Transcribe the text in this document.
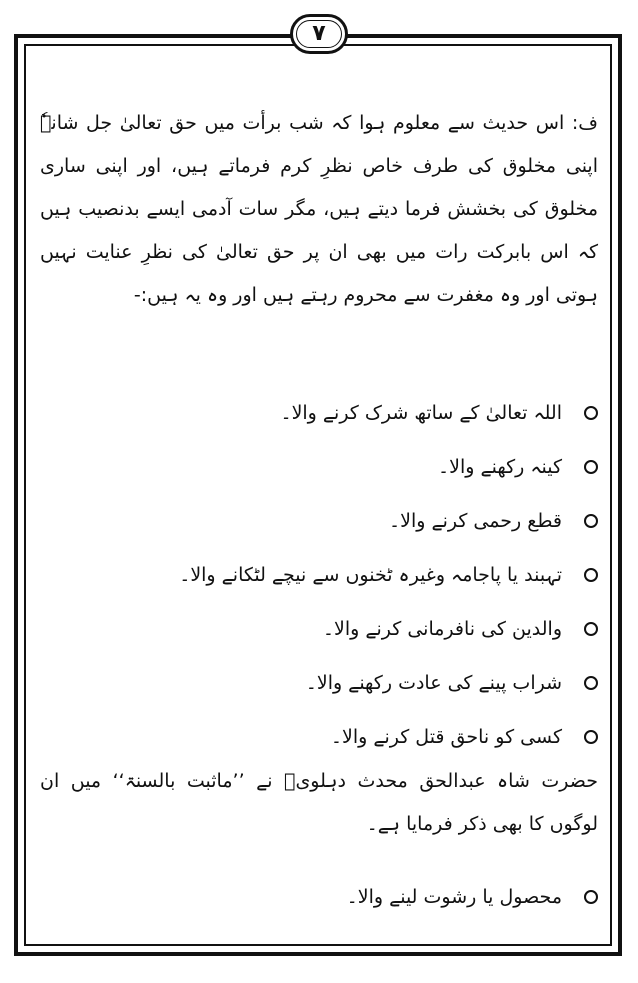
۷
ف: اس حدیث سے معلوم ہوا کہ شب برأت میں حق تعالیٰ جل شانہٗ اپنی مخلوق کی طرف خاص نظرِ کرم فرماتے ہیں، اور اپنی ساری مخلوق کی بخشش فرما دیتے ہیں، مگر سات آدمی ایسے بدنصیب ہیں کہ اس بابرکت رات میں بھی ان پر حق تعالیٰ کی نظرِ عنایت نہیں ہوتی اور وہ مغفرت سے محروم رہتے ہیں اور وہ یہ ہیں:-
اللہ تعالیٰ کے ساتھ شرک کرنے والا۔
کینہ رکھنے والا۔
قطع رحمی کرنے والا۔
تہبند یا پاجامہ وغیرہ ٹخنوں سے نیچے لٹکانے والا۔
والدین کی نافرمانی کرنے والا۔
شراب پینے کی عادت رکھنے والا۔
کسی کو ناحق قتل کرنے والا۔
حضرت شاہ عبدالحق محدث دہلویؒ نے ’’ماثبت بالسنۃ‘‘ میں ان لوگوں کا بھی ذکر فرمایا ہے۔
محصول یا رشوت لینے والا۔
